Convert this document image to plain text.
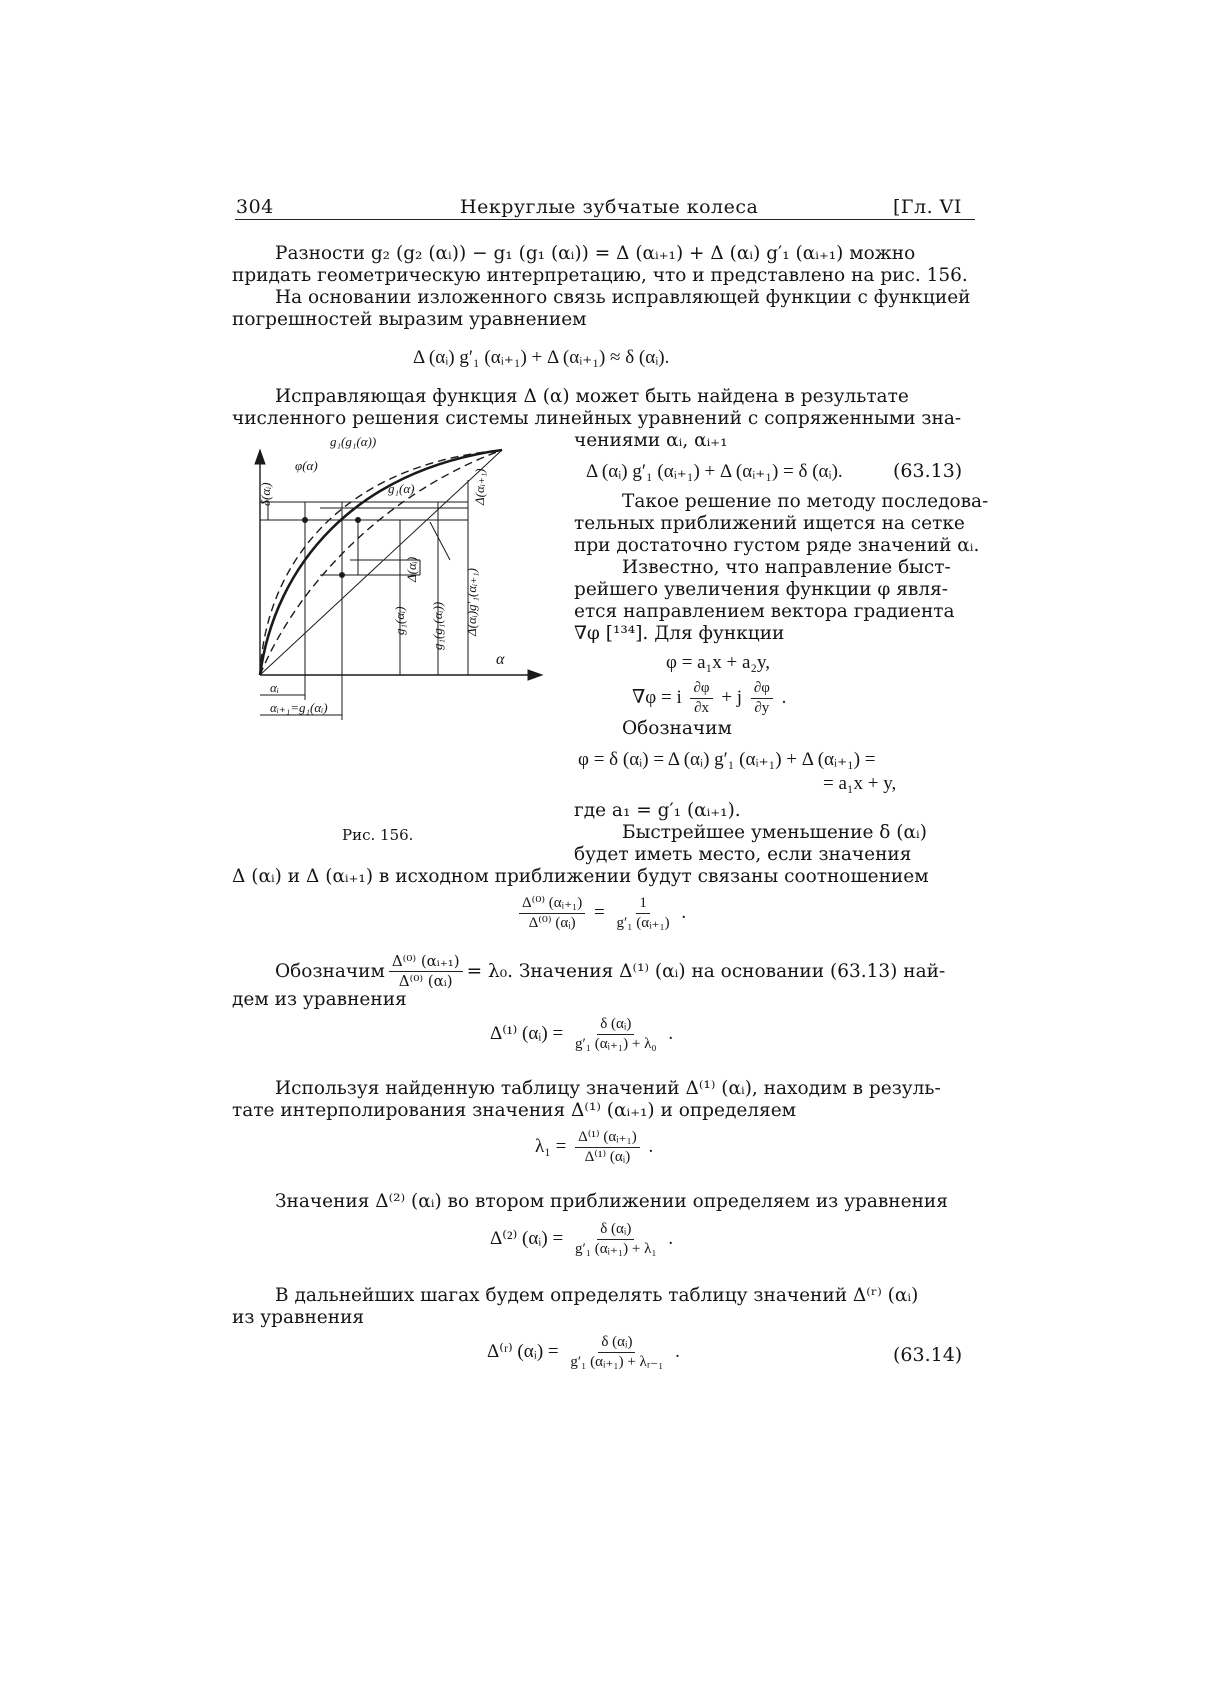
304	Некруглые зубчатые колеса	[Гл. VI
Разности g₂ (g₂ (αᵢ)) − g₁ (g₁ (αᵢ)) = Δ (αᵢ₊₁) + Δ (αᵢ) g′₁ (αᵢ₊₁) можно
придать геометрическую интерпретацию, что и представлено на рис. 156.
На основании изложенного связь исправляющей функции с функцией
погрешностей выразим уравнением
Δ (αᵢ) g′₁ (αᵢ₊₁) + Δ (αᵢ₊₁) ≈ δ (αᵢ).
Исправляющая функция Δ (α) может быть найдена в результате
численного решения системы линейных уравнений с сопряженными зна-
чениями αᵢ, αᵢ₊₁
Δ (αᵢ) g′₁ (αᵢ₊₁) + Δ (αᵢ₊₁) = δ (αᵢ).	(63.13)
Такое решение по методу последова-
тельных приближений ищется на сетке
при достаточно густом ряде значений αᵢ.
Известно, что направление быст-
рейшего увеличения функции φ явля-
ется направлением вектора градиента
∇φ [¹³⁴]. Для функции
φ = a₁x + a₂y,
∇φ = i $\frac{\partial\varphi}{\partial x} + j \frac{\partial\varphi}{\partial y}$ .
Обозначим
φ = δ (αᵢ) = Δ (αᵢ) g′₁ (αᵢ₊₁) + Δ (αᵢ₊₁) =
= a₁x + y,
где a₁ = g′₁ (αᵢ₊₁).
Быстрейшее уменьшение δ (αᵢ)
будет иметь место, если значения
g₁(g₁(α))
φ(α)
g₁(α)
δ(αᵢ)	Δ(αᵢ₊₁)
Δ(αᵢ)
g₁(αᵢ) g₁(g₁(αᵢ)) Δ(αᵢ)g′₁(αᵢ₊₁)
α
αᵢ
αᵢ₊₁=g₁(αᵢ)
Рис. 156.
Δ (αᵢ) и Δ (αᵢ₊₁) в исходном приближении будут связаны соотношением
$\frac{\text{Δ⁽⁰⁾ (αᵢ₊₁)}}{\text{Δ⁽⁰⁾ (αᵢ)}} = \frac{1}{\text{g′₁ (αᵢ₊₁)}}$ .
Обозначим $\frac{\text{Δ⁽⁰⁾ (αᵢ₊₁)}}{\text{Δ⁽⁰⁾ (αᵢ)}} = \lambda_0$. Значения Δ⁽¹⁾ (αᵢ) на основании (63.13) най-
дем из уравнения
Δ⁽¹⁾ (αᵢ) = $\frac{\text{δ (αᵢ)}}{\text{g′₁ (αᵢ₊₁) + λ₀}}$ .
Используя найденную таблицу значений Δ⁽¹⁾ (αᵢ), находим в резуль-
тате интерполирования значения Δ⁽¹⁾ (αᵢ₊₁) и определяем
$\lambda_1 = \frac{\text{Δ⁽¹⁾ (αᵢ₊₁)}}{\text{Δ⁽¹⁾ (αᵢ)}}$ .
Значения Δ⁽²⁾ (αᵢ) во втором приближении определяем из уравнения
Δ⁽²⁾ (αᵢ) = $\frac{\text{δ (αᵢ)}}{\text{g′₁ (αᵢ₊₁) + λ₁}}$ .
В дальнейших шагах будем определять таблицу значений Δ⁽ʳ⁾ (αᵢ)
из уравнения
Δ⁽ʳ⁾ (αᵢ) = $\frac{\text{δ (αᵢ)}}{\text{g′₁ (αᵢ₊₁) + λᵣ₋₁}}$ .	(63.14)
